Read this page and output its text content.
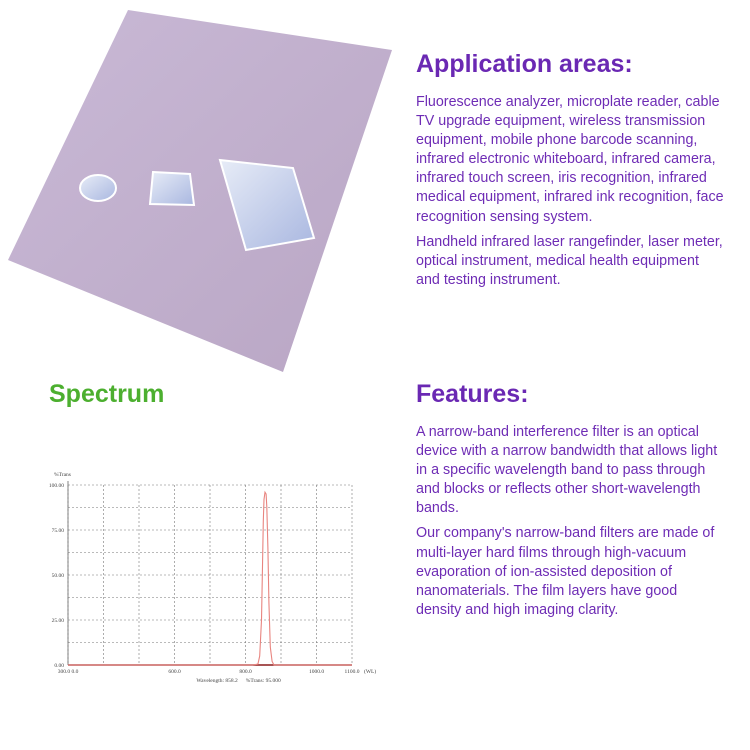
Application areas:

Fluorescence analyzer, microplate reader, cable TV upgrade equipment, wireless transmission equipment, mobile phone barcode scanning, infrared electronic whiteboard, infrared camera, infrared touch screen, iris recognition, infrared medical equipment, infrared ink recognition, face recognition sensing system.

Handheld infrared laser rangefinder, laser meter, optical instrument, medical health equipment and testing instrument.

Spectrum
0.00
25.00
50.00
75.00
100.00
300.0 0.0	600.0	800.0	1000.0	1100.0
%Trans
(WL)
Wavelength: 858.2 %Trans: 95.000
Features:

A narrow-band interference filter is an optical device with a narrow bandwidth that allows light in a specific wavelength band to pass through and blocks or reflects other short-wavelength bands.

Our company's narrow-band filters are made of multi-layer hard films through high-vacuum evaporation of ion-assisted deposition of nanomaterials. The film layers have good density and high imaging clarity.
